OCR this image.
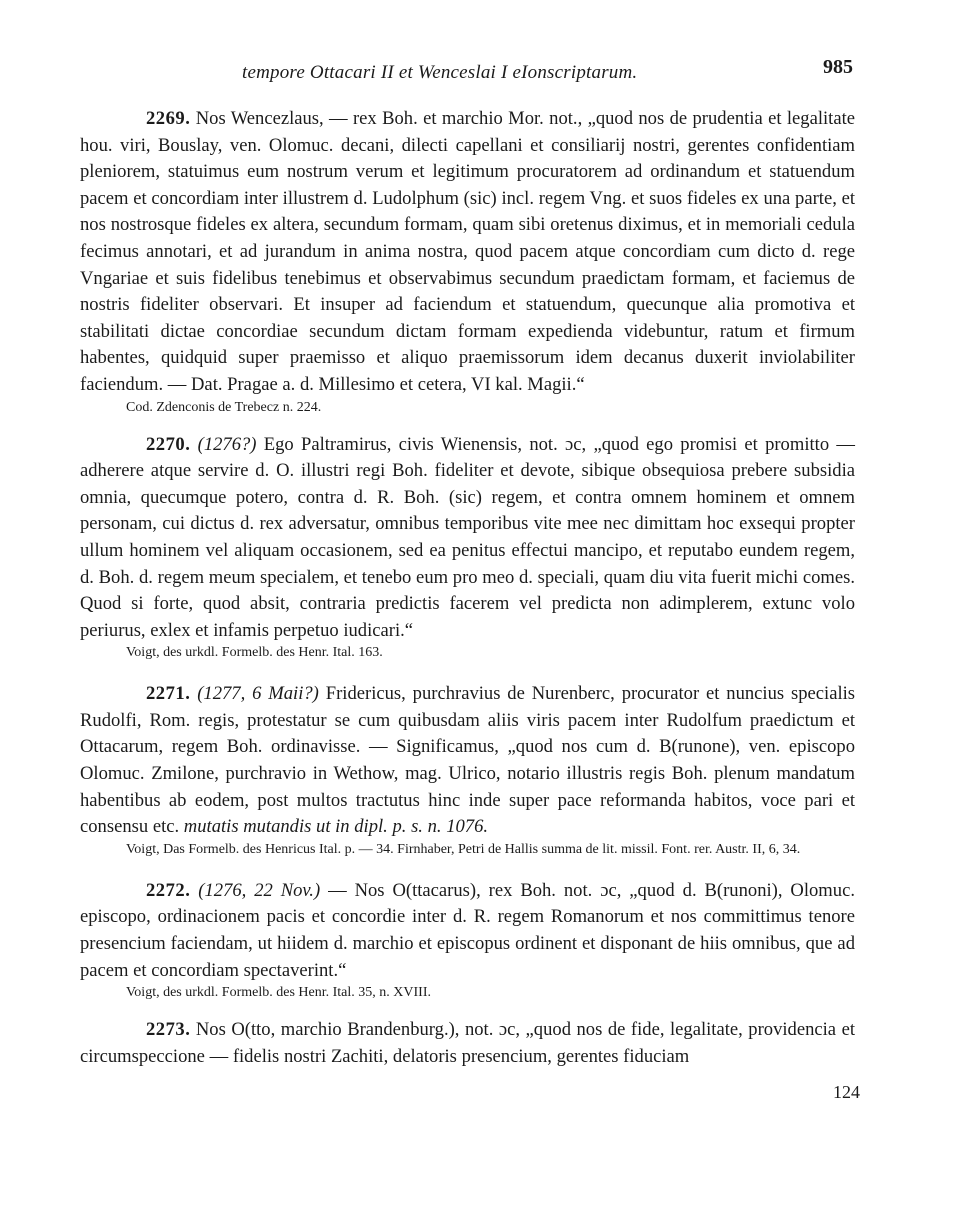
tempore Ottacari II et Wenceslai I eIonscriptarum.	985
2269. Nos Wencezlaus, — rex Boh. et marchio Mor. not., „quod nos de prudentia et legalitate hou. viri, Bouslay, ven. Olomuc. decani, dilecti capellani et consiliarij nostri, gerentes confidentiam pleniorem, statuimus eum nostrum verum et legitimum procuratorem ad ordinandum et statuendum pacem et concordiam inter illustrem d. Ludolphum (sic) incl. regem Vng. et suos fideles ex una parte, et nos nostrosque fideles ex altera, secundum formam, quam sibi oretenus diximus, et in memoriali cedula fecimus annotari, et ad jurandum in anima nostra, quod pacem atque concordiam cum dicto d. rege Vngariae et suis fidelibus tenebimus et observabimus secundum praedictam formam, et faciemus de nostris fideliter observari. Et insuper ad faciendum et statuendum, quecunque alia promotiva et stabilitati dictae concordiae secundum dictam formam expedienda videbuntur, ratum et firmum habentes, quidquid super praemisso et aliquo praemissorum idem decanus duxerit inviolabiliter faciendum. — Dat. Pragae a. d. Millesimo et cetera, VI kal. Magii.“
Cod. Zdenconis de Trebecz n. 224.
2270. (1276?) Ego Paltramirus, civis Wienensis, not. ɔc, „quod ego promisi et promitto — adherere atque servire d. O. illustri regi Boh. fideliter et devote, sibique obsequiosa prebere subsidia omnia, quecumque potero, contra d. R. Boh. (sic) regem, et contra omnem hominem et omnem personam, cui dictus d. rex adversatur, omnibus temporibus vite mee nec dimittam hoc exsequi propter ullum hominem vel aliquam occasionem, sed ea penitus effectui mancipo, et reputabo eundem regem, d. Boh. d. regem meum specialem, et tenebo eum pro meo d. speciali, quam diu vita fuerit michi comes. Quod si forte, quod absit, contraria predictis facerem vel predicta non adimplerem, extunc volo periurus, exlex et infamis perpetuo iudicari.“
Voigt, des urkdl. Formelb. des Henr. Ital. 163.
2271. (1277, 6 Maii?) Fridericus, purchravius de Nurenberc, procurator et nuncius specialis Rudolfi, Rom. regis, protestatur se cum quibusdam aliis viris pacem inter Rudolfum praedictum et Ottacarum, regem Boh. ordinavisse. — Significamus, „quod nos cum d. B(runone), ven. episcopo Olomuc. Zmilone, purchravio in Wethow, mag. Ulrico, notario illustris regis Boh. plenum mandatum habentibus ab eodem, post multos tractutus hinc inde super pace reformanda habitos, voce pari et consensu etc. mutatis mutandis ut in dipl. p. s. n. 1076.
Voigt, Das Formelb. des Henricus Ital. p. — 34. Firnhaber, Petri de Hallis summa de lit. missil. Font. rer. Austr. II, 6, 34.
2272. (1276, 22 Nov.) — Nos O(ttacarus), rex Boh. not. ɔc, „quod d. B(runoni), Olomuc. episcopo, ordinacionem pacis et concordie inter d. R. regem Romanorum et nos committimus tenore presencium faciendam, ut hiidem d. marchio et episcopus ordinent et disponant de hiis omnibus, que ad pacem et concordiam spectaverint.“
Voigt, des urkdl. Formelb. des Henr. Ital. 35, n. XVIII.
2273. Nos O(tto, marchio Brandenburg.), not. ɔc, „quod nos de fide, legalitate, providencia et circumspeccione — fidelis nostri Zachiti, delatoris presencium, gerentes fiduciam
124
